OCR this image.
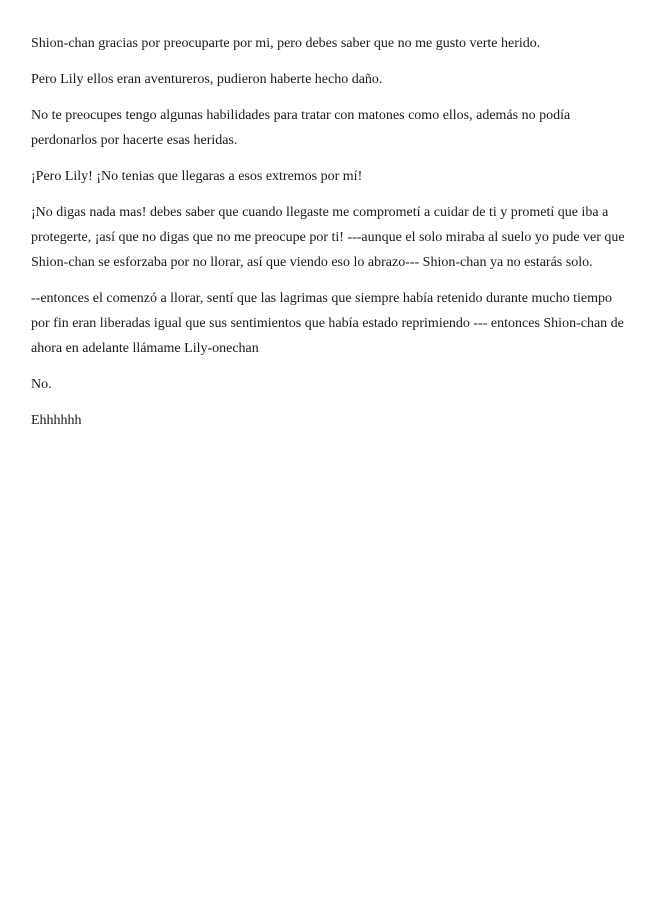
Shion-chan gracias por preocuparte por mi, pero debes saber que no me gusto verte herido.

Pero Lily ellos eran aventureros, pudieron haberte hecho daño.

No te preocupes tengo algunas habilidades para tratar con matones como ellos, además no podía perdonarlos por hacerte esas heridas.

¡Pero Lily! ¡No tenias que llegaras a esos extremos por mí!

¡No digas nada mas! debes saber que cuando llegaste me comprometí a cuidar de ti y prometí que iba a protegerte, ¡así que no digas que no me preocupe por ti! ---aunque el solo miraba al suelo yo pude ver que Shion-chan se esforzaba por no llorar, así que viendo eso lo abrazo--- Shion-chan ya no estarás solo.

--entonces el comenzó a llorar, sentí que las lagrimas que siempre había retenido durante mucho tiempo por fin eran liberadas igual que sus sentimientos que había estado reprimiendo --- entonces Shion-chan de ahora en adelante llámame Lily-onechan

No.

Ehhhhhh
